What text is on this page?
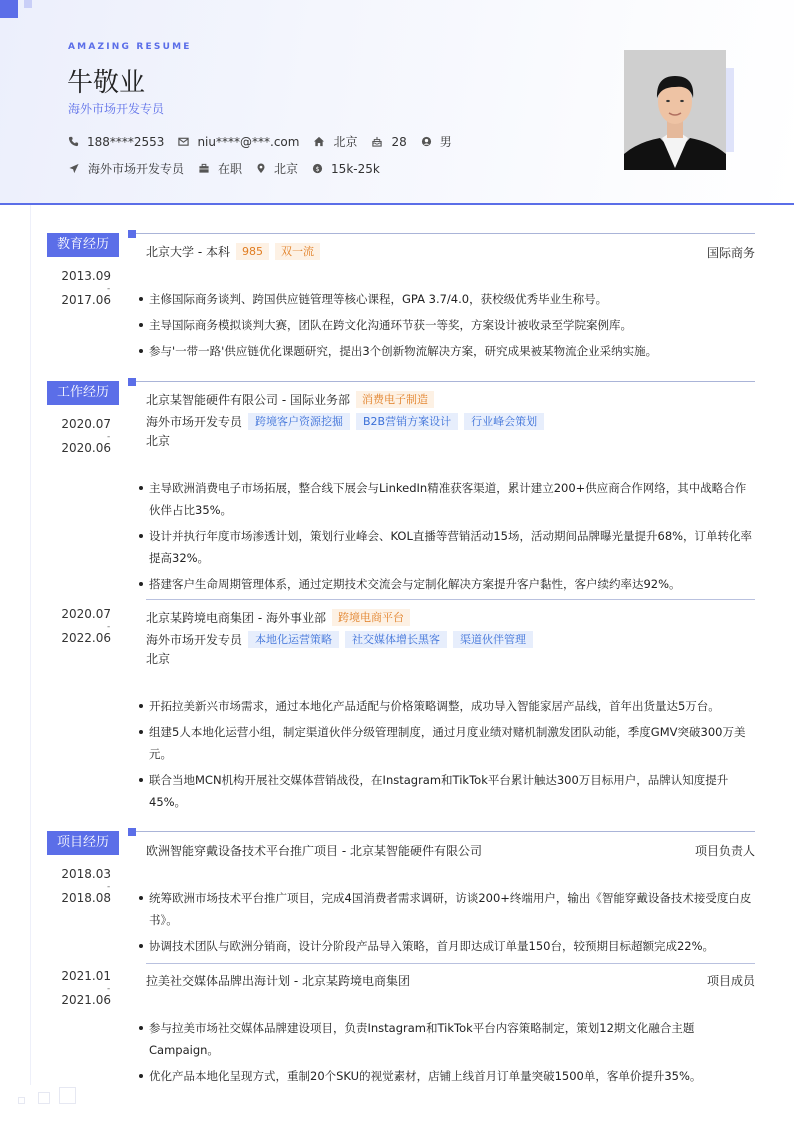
AMAZING RESUME
牛敬业
海外市场开发专员
188****2553	niu****@***.com	北京	28	男
海外市场开发专员	在职	北京 $ 15k-25k
教育经历
2013.09
-
2017.06
北京大学 - 本科	985	双一流	国际商务
主修国际商务谈判、跨国供应链管理等核心课程，GPA 3.7/4.0，获校级优秀毕业生称号。
主导国际商务模拟谈判大赛，团队在跨文化沟通环节获一等奖，方案设计被收录至学院案例库。
参与'一带一路'供应链优化课题研究，提出3个创新物流解决方案，研究成果被某物流企业采纳实施。
工作经历
2020.07
-
2020.06
北京某智能硬件有限公司 - 国际业务部	消费电子制造
海外市场开发专员	跨境客户资源挖掘	B2B营销方案设计	行业峰会策划
北京
主导欧洲消费电子市场拓展，整合线下展会与LinkedIn精准获客渠道，累计建立200+供应商合作网络，其中战略合作伙伴占比35%。
设计并执行年度市场渗透计划，策划行业峰会、KOL直播等营销活动15场，活动期间品牌曝光量提升68%，订单转化率提高32%。
搭建客户生命周期管理体系，通过定期技术交流会与定制化解决方案提升客户黏性，客户续约率达92%。
2020.07
-
2022.06
北京某跨境电商集团 - 海外事业部	跨境电商平台
海外市场开发专员	本地化运营策略	社交媒体增长黑客	渠道伙伴管理
北京
开拓拉美新兴市场需求，通过本地化产品适配与价格策略调整，成功导入智能家居产品线，首年出货量达5万台。
组建5人本地化运营小组，制定渠道伙伴分级管理制度，通过月度业绩对赌机制激发团队动能，季度GMV突破300万美元。
联合当地MCN机构开展社交媒体营销战役，在Instagram和TikTok平台累计触达300万目标用户，品牌认知度提升45%。
项目经历
2018.03
-
2018.08
欧洲智能穿戴设备技术平台推广项目 - 北京某智能硬件有限公司	项目负责人
统筹欧洲市场技术平台推广项目，完成4国消费者需求调研，访谈200+终端用户，输出《智能穿戴设备技术接受度白皮书》。
协调技术团队与欧洲分销商，设计分阶段产品导入策略，首月即达成订单量150台，较预期目标超额完成22%。
2021.01
-
2021.06
拉美社交媒体品牌出海计划 - 北京某跨境电商集团	项目成员
参与拉美市场社交媒体品牌建设项目，负责Instagram和TikTok平台内容策略制定，策划12期文化融合主题Campaign。
优化产品本地化呈现方式，重制20个SKU的视觉素材，店铺上线首月订单量突破1500单，客单价提升35%。
